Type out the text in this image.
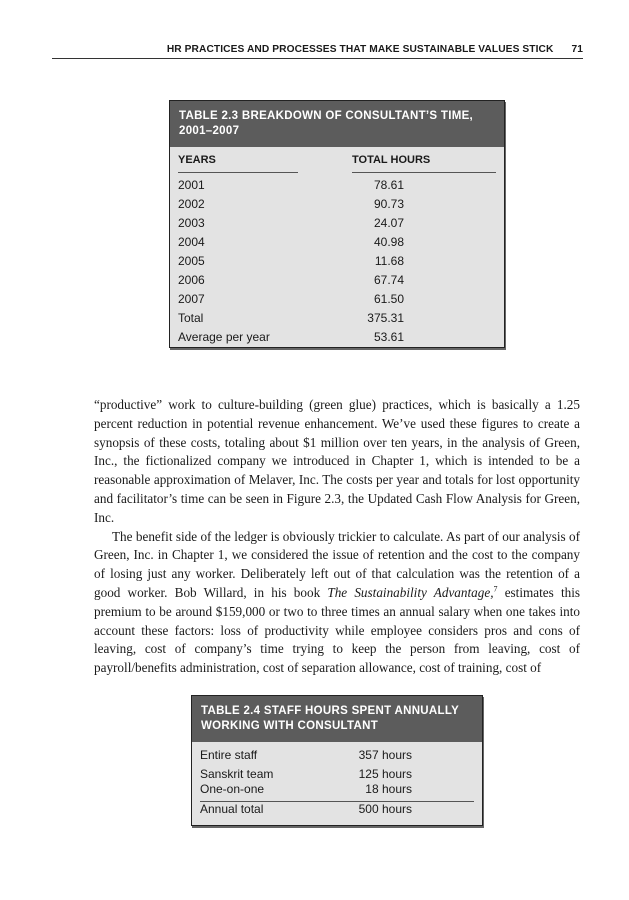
HR PRACTICES AND PROCESSES THAT MAKE SUSTAINABLE VALUES STICK 71
TABLE 2.3 BREAKDOWN OF CONSULTANT’S TIME,
2001–2007
YEARS	TOTAL HOURS
2001	78.61
2002	90.73
2003	24.07
2004	40.98
2005	11.68
2006	67.74
2007	61.50
Total	375.31
Average per year	53.61

“productive” work to culture-building (green glue) practices, which is basically a 1.25 percent reduction in potential revenue enhancement. We’ve used these figures to create a synopsis of these costs, totaling about $1 million over ten years, in the analysis of Green, Inc., the fictionalized company we introduced in Chapter 1, which is intended to be a reasonable approximation of Melaver, Inc. The costs per year and totals for lost opportunity and facilitator’s time can be seen in Figure 2.3, the Updated Cash Flow Analysis for Green, Inc.

The benefit side of the ledger is obviously trickier to calculate. As part of our analysis of Green, Inc. in Chapter 1, we considered the issue of retention and the cost to the company of losing just any worker. Deliberately left out of that calculation was the retention of a good worker. Bob Willard, in his book The Sustainability Advantage,$^7$ estimates this premium to be around $159,000 or two to three times an annual salary when one takes into account these factors: loss of productivity while employee considers pros and cons of leaving, cost of company’s time trying to keep the person from leaving, cost of payroll/benefits administration, cost of separation allowance, cost of training, cost of

TABLE 2.4 STAFF HOURS SPENT ANNUALLY
WORKING WITH CONSULTANT
Entire staff	357 hours
Sanskrit team	125 hours
One-on-one	18 hours
Annual total	500 hours
